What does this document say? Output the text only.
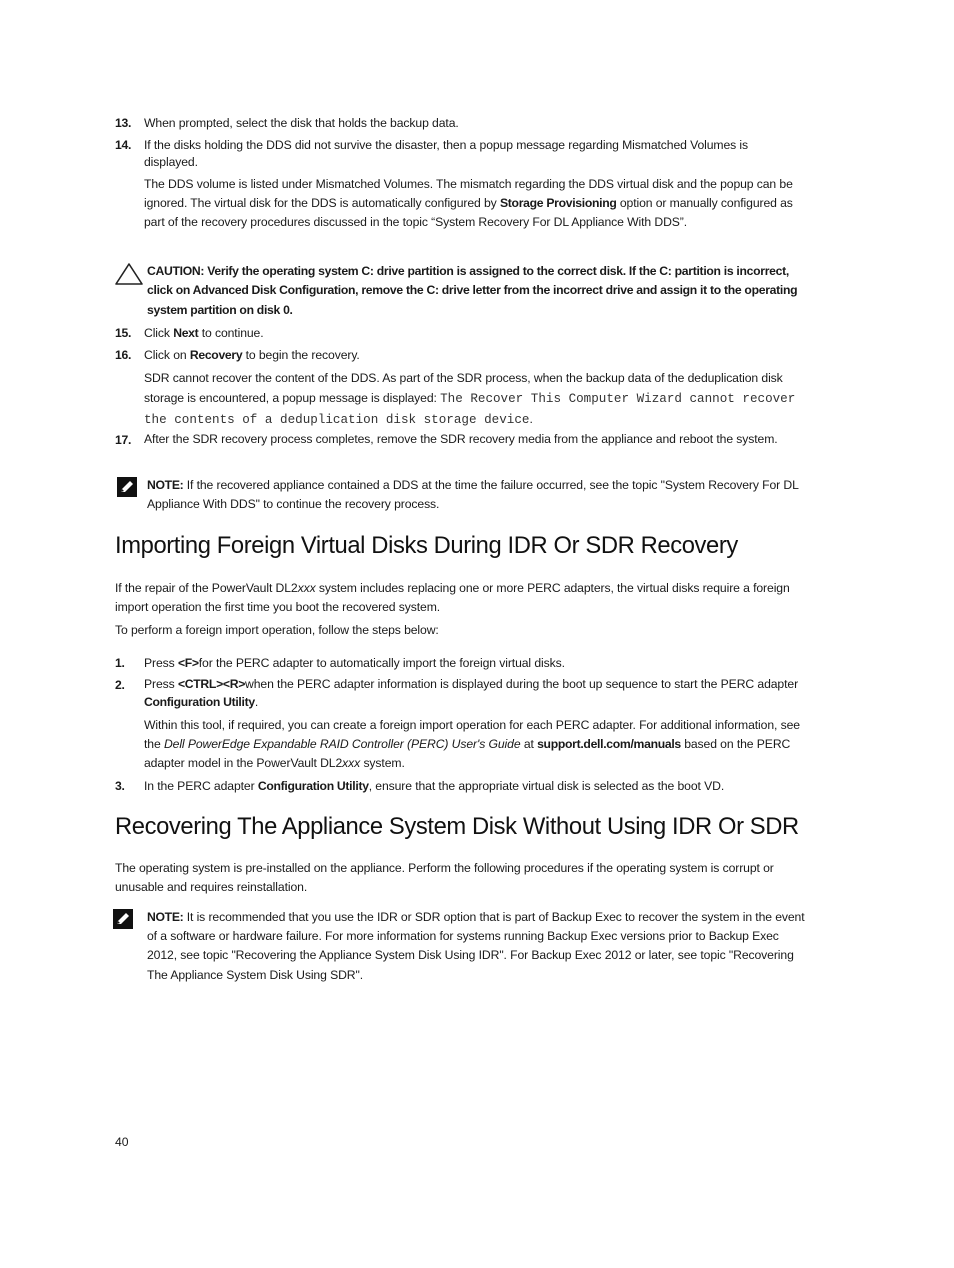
13. When prompted, select the disk that holds the backup data.
14. If the disks holding the DDS did not survive the disaster, then a popup message regarding Mismatched Volumes is
displayed.
The DDS volume is listed under Mismatched Volumes. The mismatch regarding the DDS virtual disk and the popup can be ignored. The virtual disk for the DDS is automatically configured by Storage Provisioning option or manually configured as part of the recovery procedures discussed in the topic “System Recovery For DL Appliance With DDS”.
CAUTION: Verify the operating system C: drive partition is assigned to the correct disk. If the C: partition is incorrect, click on Advanced Disk Configuration, remove the C: drive letter from the incorrect drive and assign it to the operating system partition on disk 0.
15. Click Next to continue.
16. Click on Recovery to begin the recovery.
SDR cannot recover the content of the DDS. As part of the SDR process, when the backup data of the deduplication disk storage is encountered, a popup message is displayed: The Recover This Computer Wizard cannot recover the contents of a deduplication disk storage device.
17. After the SDR recovery process completes, remove the SDR recovery media from the appliance and reboot the system.
NOTE: If the recovered appliance contained a DDS at the time the failure occurred, see the topic "System Recovery For DL Appliance With DDS" to continue the recovery process.
Importing Foreign Virtual Disks During IDR Or SDR Recovery
If the repair of the PowerVault DL2xxx system includes replacing one or more PERC adapters, the virtual disks require a foreign import operation the first time you boot the recovered system.
To perform a foreign import operation, follow the steps below:
1. Press <F>for the PERC adapter to automatically import the foreign virtual disks.
2. Press <CTRL><R>when the PERC adapter information is displayed during the boot up sequence to start the PERC adapter Configuration Utility.
Within this tool, if required, you can create a foreign import operation for each PERC adapter. For additional information, see the Dell PowerEdge Expandable RAID Controller (PERC) User's Guide at support.dell.com/manuals based on the PERC adapter model in the PowerVault DL2xxx system.
3. In the PERC adapter Configuration Utility, ensure that the appropriate virtual disk is selected as the boot VD.
Recovering The Appliance System Disk Without Using IDR Or SDR
The operating system is pre-installed on the appliance. Perform the following procedures if the operating system is corrupt or unusable and requires reinstallation.
NOTE: It is recommended that you use the IDR or SDR option that is part of Backup Exec to recover the system in the event of a software or hardware failure. For more information for systems running Backup Exec versions prior to Backup Exec 2012, see topic "Recovering the Appliance System Disk Using IDR". For Backup Exec 2012 or later, see topic "Recovering The Appliance System Disk Using SDR".
40
